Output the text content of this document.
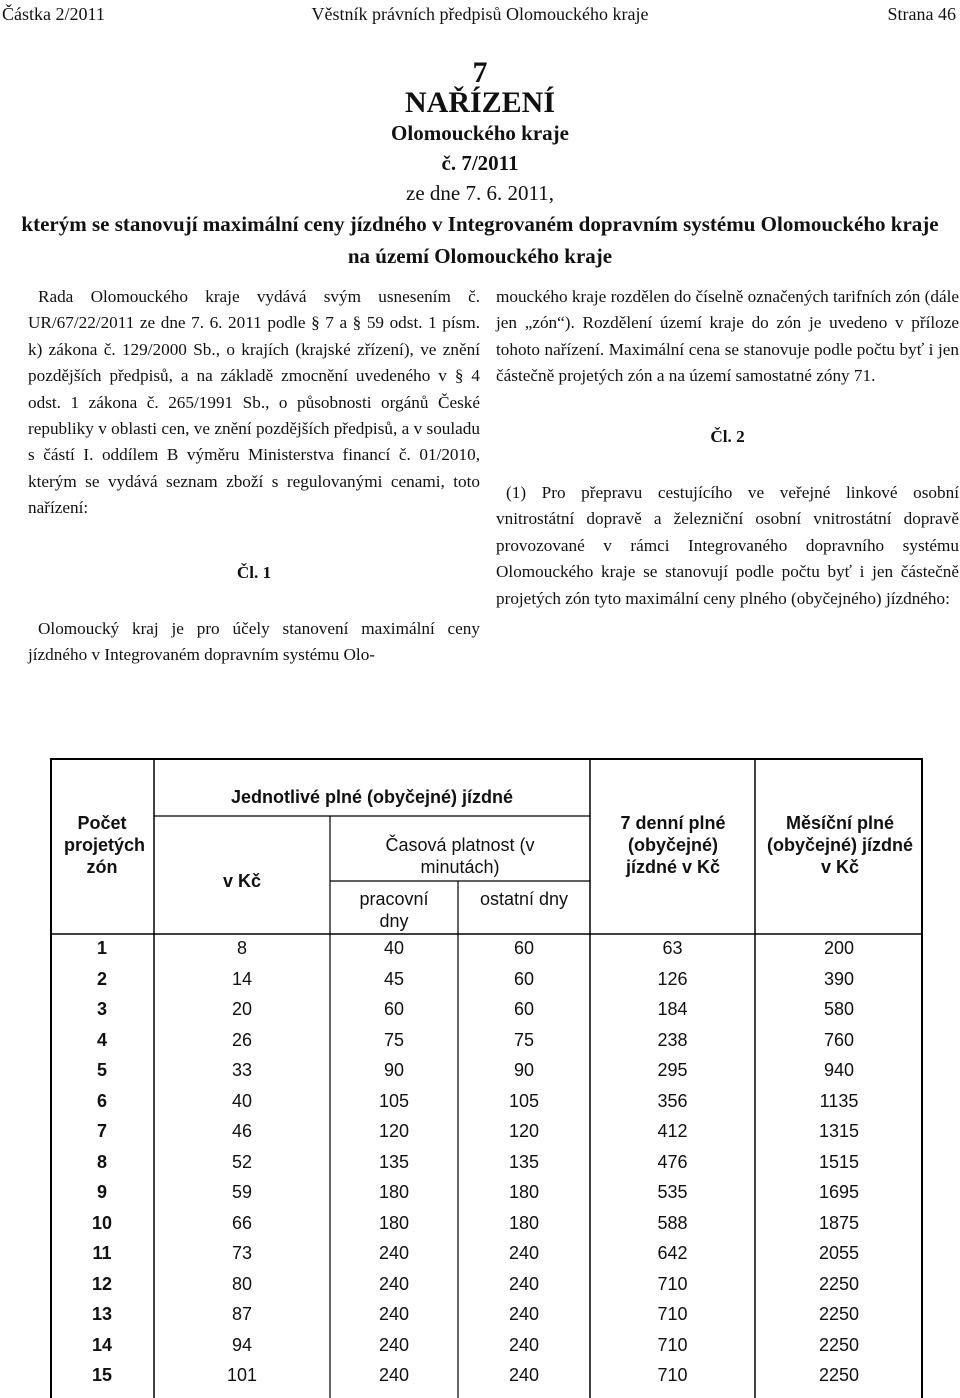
Věstník právních předpisů Olomouckého kraje
Částka 2/2011	Strana 46
7
NAŘÍZENÍ
Olomouckého kraje
č. 7/2011
ze dne 7. 6. 2011,
kterým se stanovují maximální ceny jízdného v Integrovaném dopravním systému Olomouckého kraje
na území Olomouckého kraje

Rada Olomouckého kraje vydává svým usnesením č. UR/67/22/2011 ze dne 7. 6. 2011 podle § 7 a § 59 odst. 1 písm. k) zákona č. 129/2000 Sb., o krajích (krajské zřízení), ve znění pozdějších předpisů, a na základě zmocnění uvedeného v § 4 odst. 1 zákona č. 265/1991 Sb., o působnosti orgánů České republiky v oblasti cen, ve znění pozdějších předpisů, a v souladu s částí I. oddílem B výměru Ministerstva financí č. 01/2010, kterým se vydává seznam zboží s regulovanými cenami, toto nařízení:

Čl. 1

Olomoucký kraj je pro účely stanovení maximální ceny jízdného v Integrovaném dopravním systému Olo-

mouckého kraje rozdělen do číselně označených tarifních zón (dále jen „zón“). Rozdělení území kraje do zón je uvedeno v příloze tohoto nařízení. Maximální cena se stanovuje podle počtu byť i jen částečně projetých zón a na území samostatné zóny 71.

Čl. 2

(1) Pro přepravu cestujícího ve veřejné linkové osobní vnitrostátní dopravě a železniční osobní vnitrostátní dopravě provozované v rámci Integrovaného dopravního systému Olomouckého kraje se stanovují podle počtu byť i jen částečně projetých zón tyto maximální ceny plného (obyčejného) jízdného:

Počet projetých zón
Jednotlivé plné (obyčejné) jízdné
v Kč
Časová platnost (v minutách)
pracovní dny
ostatní dny
7 denní plné (obyčejné) jízdné v Kč
Měsíční plné (obyčejné) jízdné v Kč
1	8	40	60	63	200
2	14	45	60	126	390
3	20	60	60	184	580
4	26	75	75	238	760
5	33	90	90	295	940
6	40	105	105	356	1135
7	46	120	120	412	1315
8	52	135	135	476	1515
9	59	180	180	535	1695
10	66	180	180	588	1875
11	73	240	240	642	2055
12	80	240	240	710	2250
13	87	240	240	710	2250
14	94	240	240	710	2250
15	101	240	240	710	2250
